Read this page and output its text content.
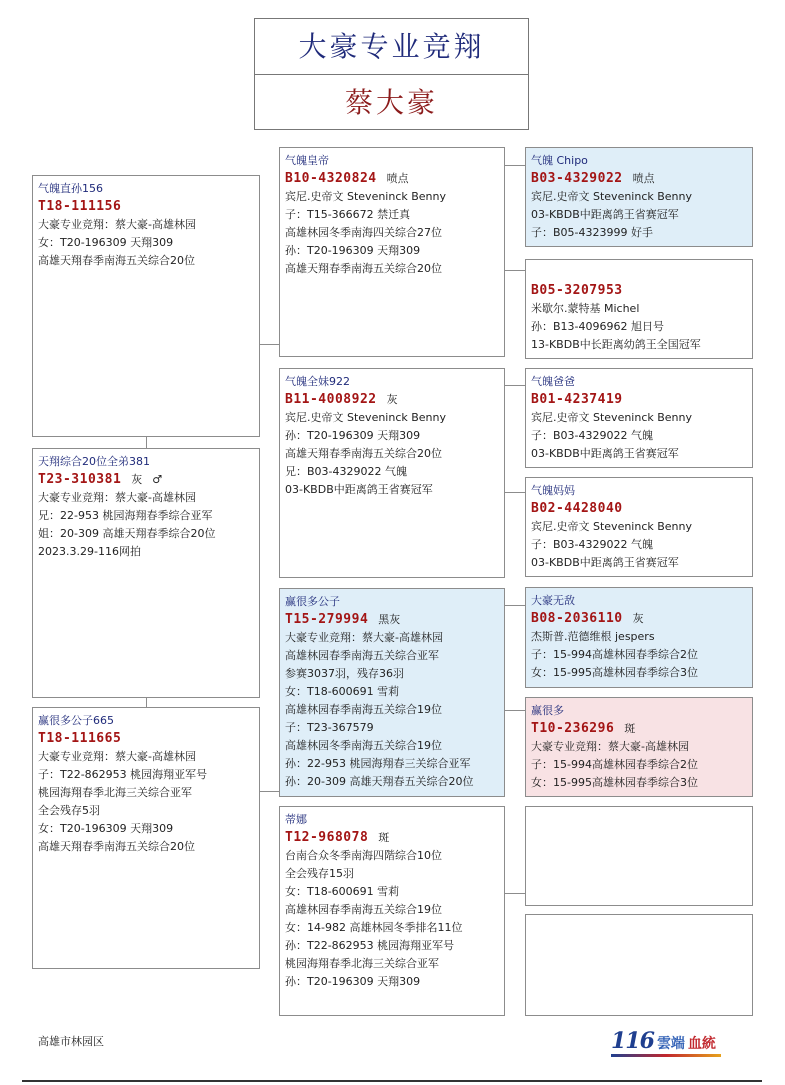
大豪专业竞翔
蔡大豪
气魄直孙156
T18-111156
大豪专业竞翔：蔡大豪-高雄林园
女：T20-196309 天翔309
高雄天翔春季南海五关综合20位
天翔综合20位全弟381
T23-310381 灰 ♂
大豪专业竞翔：蔡大豪-高雄林园
兄：22-953 桃园海翔春季综合亚军
姐：20-309 高雄天翔春季综合20位
2023.3.29-116网拍
赢很多公子665
T18-111665
大豪专业竞翔：蔡大豪-高雄林园
子：T22-862953 桃园海翔亚军号
桃园海翔春季北海三关综合亚军
全会残存5羽
女：T20-196309 天翔309
高雄天翔春季南海五关综合20位
气魄皇帝
B10-4320824 喷点
宾尼.史帝文 Steveninck Benny
子：T15-366672 禁迁真
高雄林园冬季南海四关综合27位
孙：T20-196309 天翔309
高雄天翔春季南海五关综合20位
气魄全妹922
B11-4008922 灰
宾尼.史帝文 Steveninck Benny
孙：T20-196309 天翔309
高雄天翔春季南海五关综合20位
兄：B03-4329022 气魄
03-KBDB中距离鸽王省赛冠军
赢很多公子
T15-279994 黑灰
大豪专业竞翔：蔡大豪-高雄林园
高雄林园春季南海五关综合亚军
参赛3037羽，残存36羽
女：T18-600691 雪莉
高雄林园春季南海五关综合19位
子：T23-367579
高雄林园冬季南海五关综合19位
孙：22-953 桃园海翔春三关综合亚军
孙：20-309 高雄天翔春五关综合20位
蒂娜
T12-968078 斑
台南合众冬季南海四階综合10位
全会残存15羽
女：T18-600691 雪莉
高雄林园春季南海五关综合19位
女：14-982 高雄林园冬季排名11位
孙：T22-862953 桃园海翔亚军号
桃园海翔春季北海三关综合亚军
孙：T20-196309 天翔309
气魄 Chipo
B03-4329022 喷点
宾尼.史帝文 Steveninck Benny
03-KBDB中距离鸽王省赛冠军
子：B05-4323999 好手
B05-3207953
米歇尔.蒙特基 Michel
孙：B13-4096962 旭日号
13-KBDB中长距离幼鸽王全国冠军
气魄爸爸
B01-4237419
宾尼.史帝文 Steveninck Benny
子：B03-4329022 气魄
03-KBDB中距离鸽王省赛冠军
气魄妈妈
B02-4428040
宾尼.史帝文 Steveninck Benny
子：B03-4329022 气魄
03-KBDB中距离鸽王省赛冠军
大豪无敌
B08-2036110 灰
杰斯普.范德维根 jespers
子：15-994高雄林园春季综合2位
女：15-995高雄林园春季综合3位
赢很多
T10-236296 斑
大豪专业竞翔：蔡大豪-高雄林园
子：15-994高雄林园春季综合2位
女：15-995高雄林园春季综合3位
高雄市林园区	116 雲端 血統
